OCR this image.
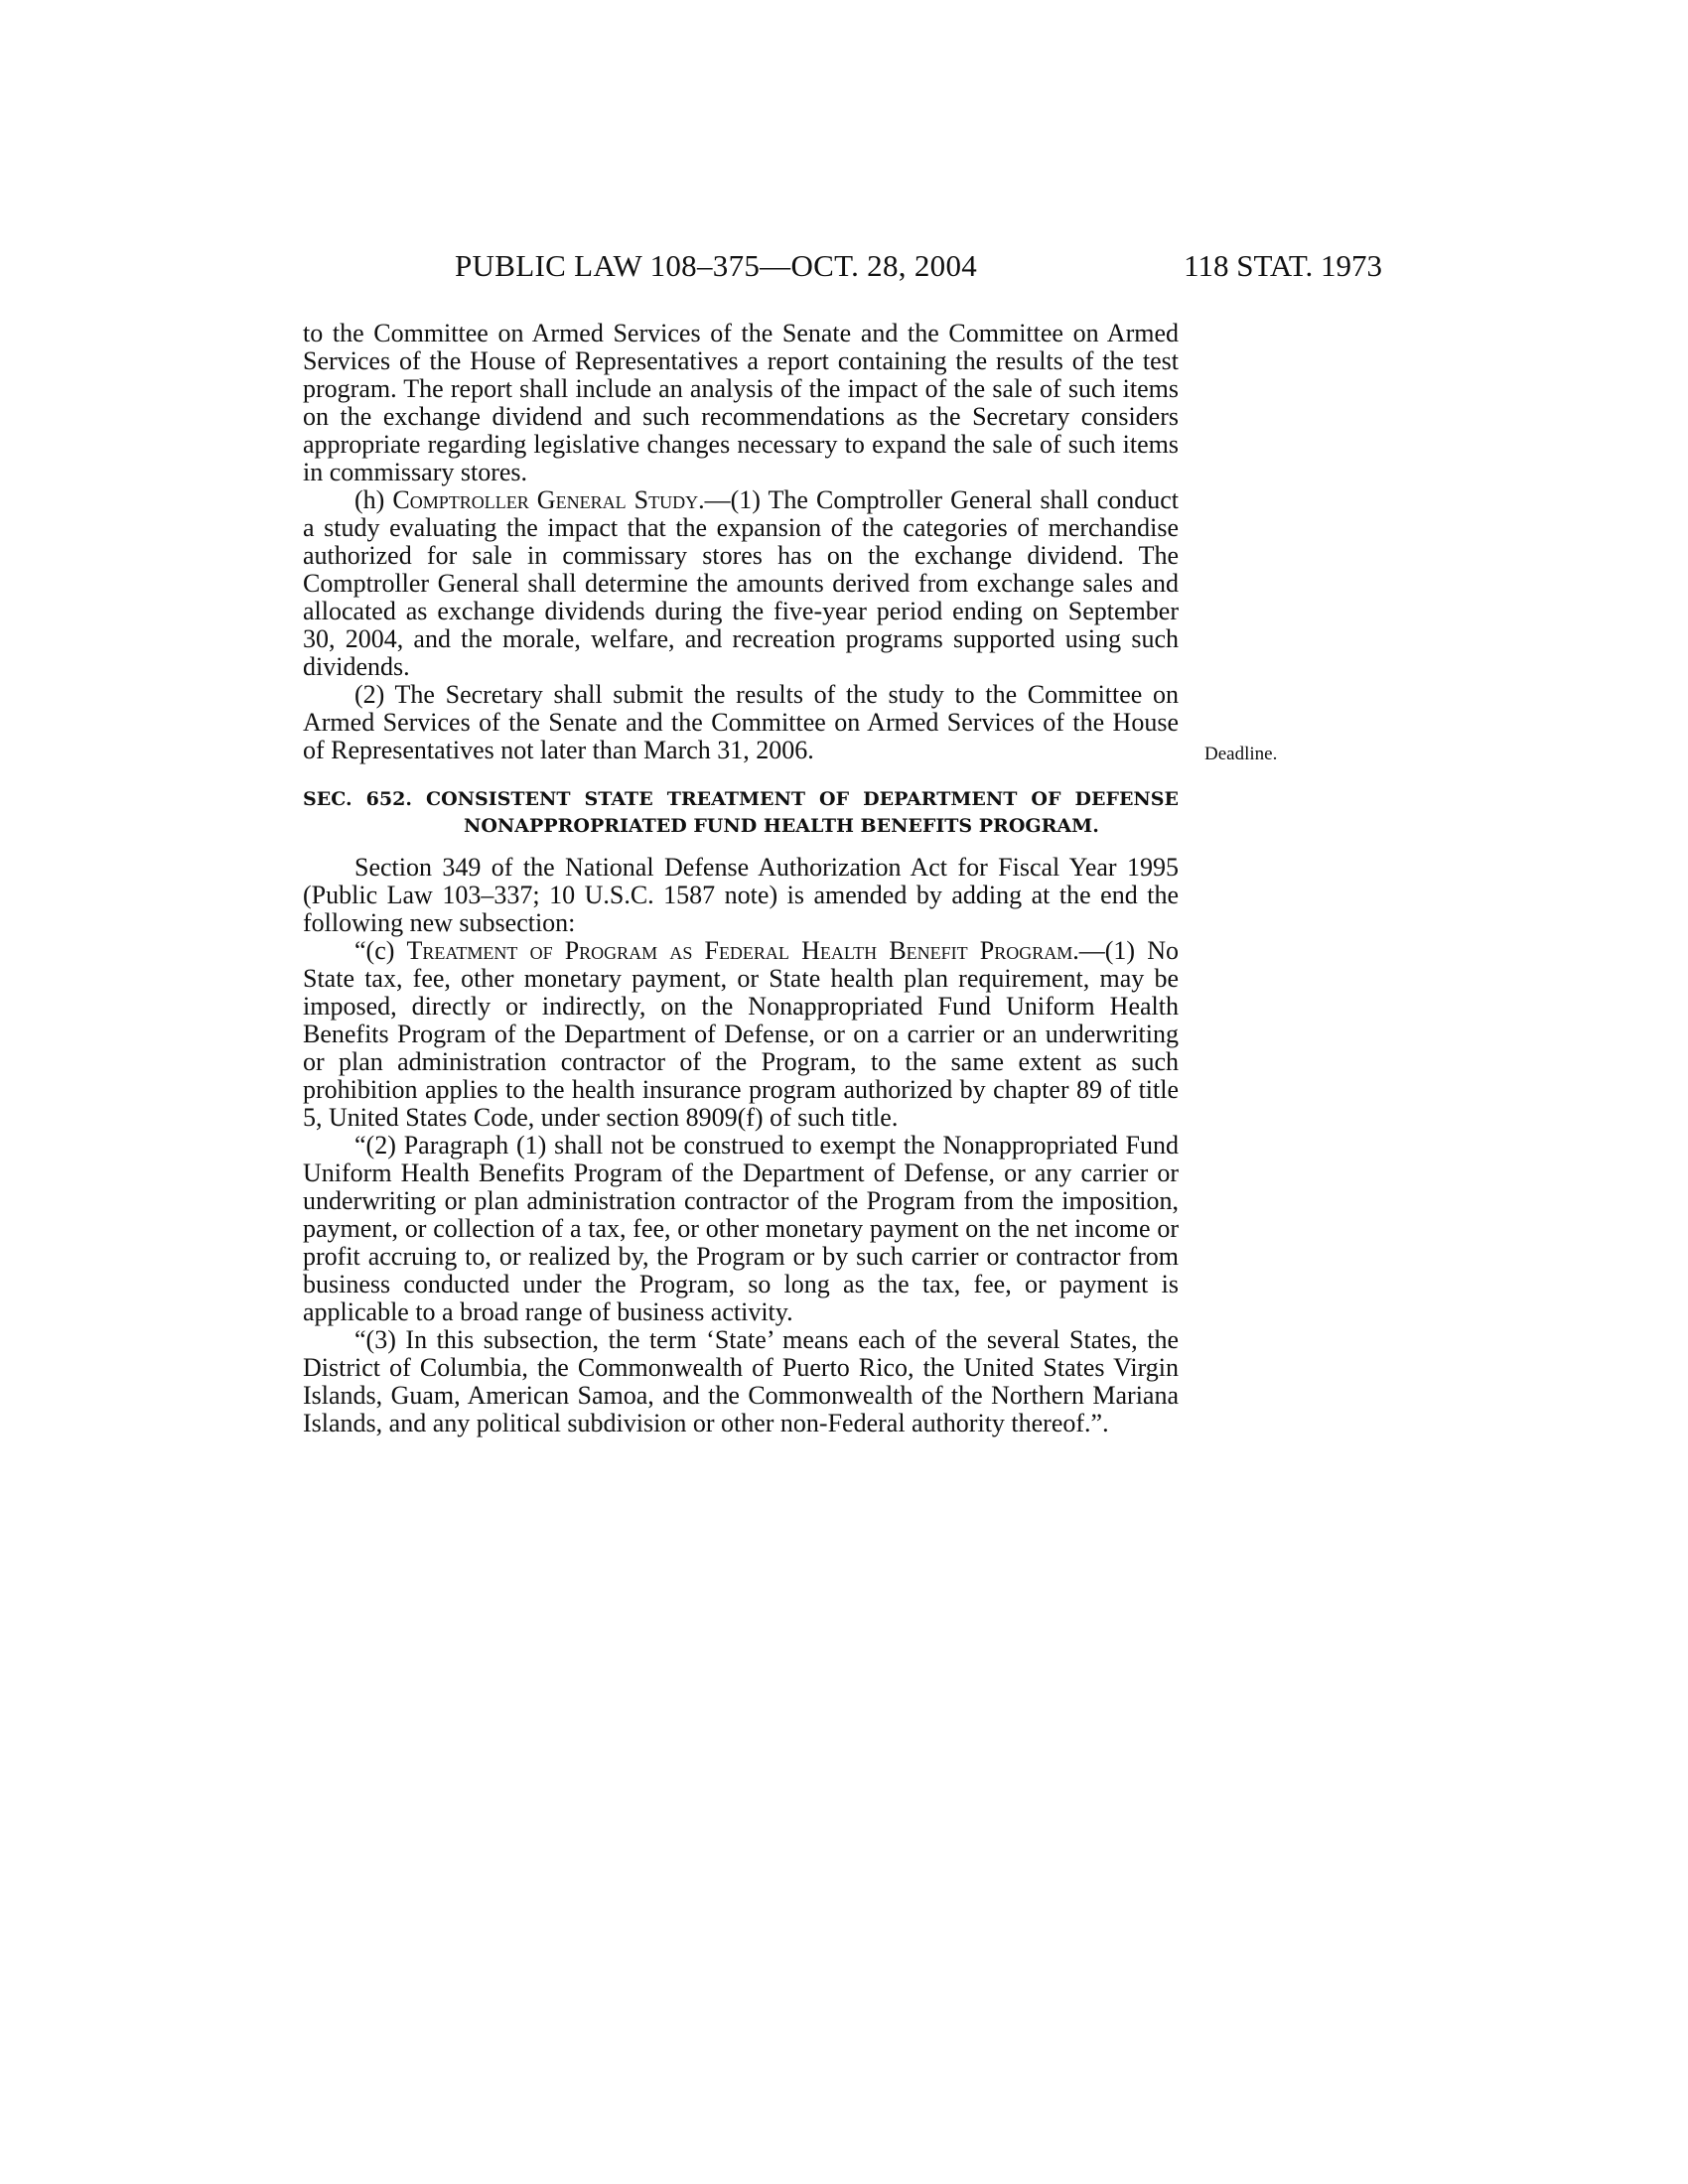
PUBLIC LAW 108–375—OCT. 28, 2004	118 STAT. 1973
Deadline.

to the Committee on Armed Services of the Senate and the Committee on Armed Services of the House of Representatives a report containing the results of the test program. The report shall include an analysis of the impact of the sale of such items on the exchange dividend and such recommendations as the Secretary considers appropriate regarding legislative changes necessary to expand the sale of such items in commissary stores.

(h) Comptroller General Study.—(1) The Comptroller General shall conduct a study evaluating the impact that the expansion of the categories of merchandise authorized for sale in commissary stores has on the exchange dividend. The Comptroller General shall determine the amounts derived from exchange sales and allocated as exchange dividends during the five-year period ending on September 30, 2004, and the morale, welfare, and recreation programs supported using such dividends.

(2) The Secretary shall submit the results of the study to the Committee on Armed Services of the Senate and the Committee on Armed Services of the House of Representatives not later than March 31, 2006.

SEC. 652. CONSISTENT STATE TREATMENT OF DEPARTMENT OF DEFENSE NONAPPROPRIATED FUND HEALTH BENEFITS PROGRAM.

Section 349 of the National Defense Authorization Act for Fiscal Year 1995 (Public Law 103–337; 10 U.S.C. 1587 note) is amended by adding at the end the following new subsection:

“(c) Treatment of Program as Federal Health Benefit Program.—(1) No State tax, fee, other monetary payment, or State health plan requirement, may be imposed, directly or indirectly, on the Nonappropriated Fund Uniform Health Benefits Program of the Department of Defense, or on a carrier or an underwriting or plan administration contractor of the Program, to the same extent as such prohibition applies to the health insurance program authorized by chapter 89 of title 5, United States Code, under section 8909(f) of such title.

“(2) Paragraph (1) shall not be construed to exempt the Nonappropriated Fund Uniform Health Benefits Program of the Department of Defense, or any carrier or underwriting or plan administration contractor of the Program from the imposition, payment, or collection of a tax, fee, or other monetary payment on the net income or profit accruing to, or realized by, the Program or by such carrier or contractor from business conducted under the Program, so long as the tax, fee, or payment is applicable to a broad range of business activity.

“(3) In this subsection, the term ‘State’ means each of the several States, the District of Columbia, the Commonwealth of Puerto Rico, the United States Virgin Islands, Guam, American Samoa, and the Commonwealth of the Northern Mariana Islands, and any political subdivision or other non-Federal authority thereof.”.
